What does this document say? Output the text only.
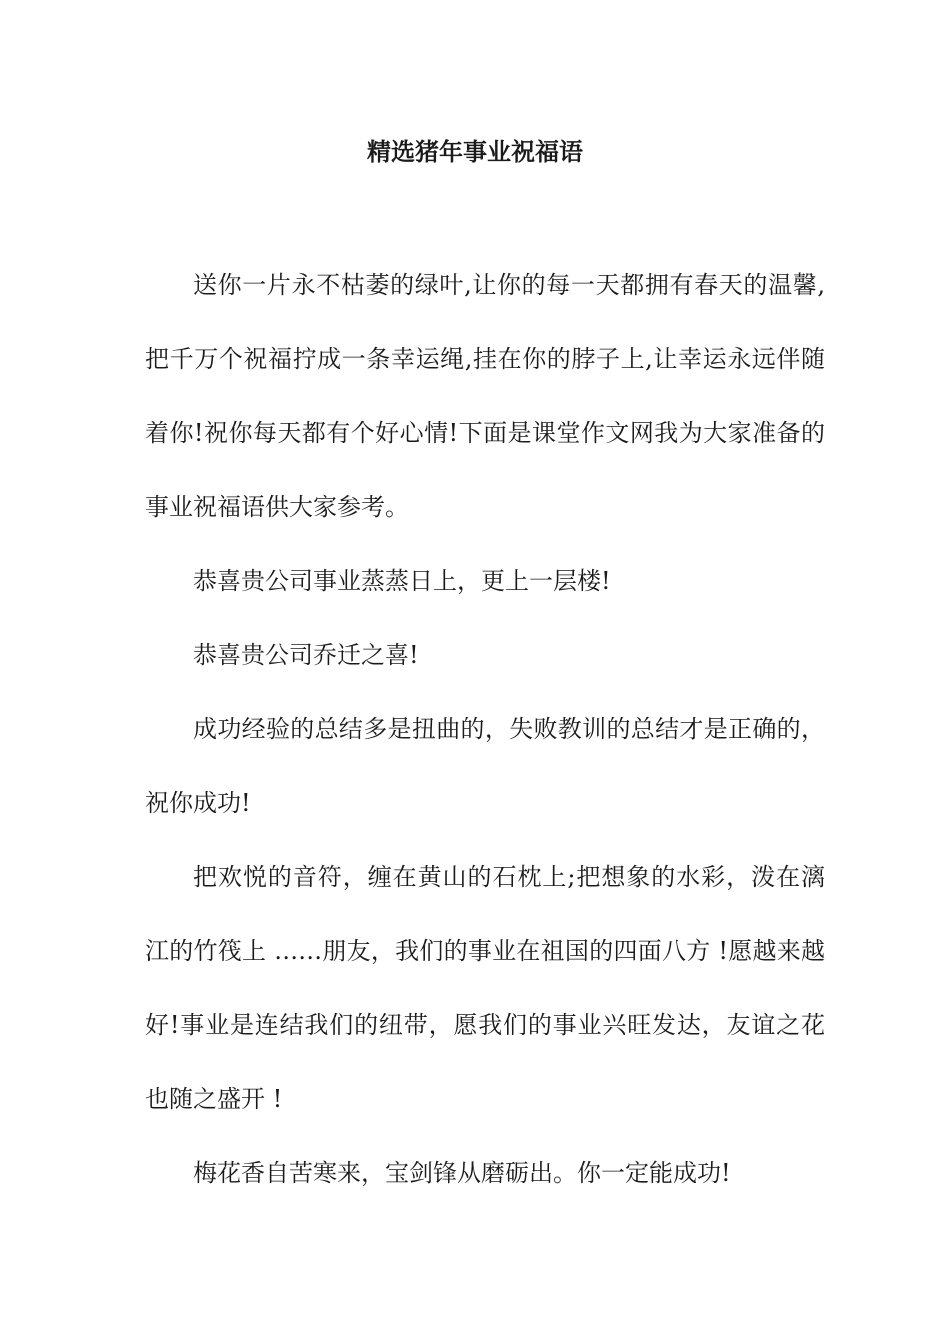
精选猪年事业祝福语

送你一片永不枯萎的绿叶,让你的每一天都拥有春天的温馨,把千万个祝福拧成一条幸运绳,挂在你的脖子上,让幸运永远伴随着你!祝你每天都有个好心情!下面是课堂作文网我为大家准备的事业祝福语供大家参考。

恭喜贵公司事业蒸蒸日上，更上一层楼!

恭喜贵公司乔迁之喜!

成功经验的总结多是扭曲的，失败教训的总结才是正确的，祝你成功!

把欢悦的音符，缠在黄山的石枕上;把想象的水彩，泼在漓江的竹筏上 ……朋友，我们的事业在祖国的四面八方 !愿越来越好!事业是连结我们的纽带，愿我们的事业兴旺发达，友谊之花也随之盛开 !

梅花香自苦寒来，宝剑锋从磨砺出。你一定能成功!
